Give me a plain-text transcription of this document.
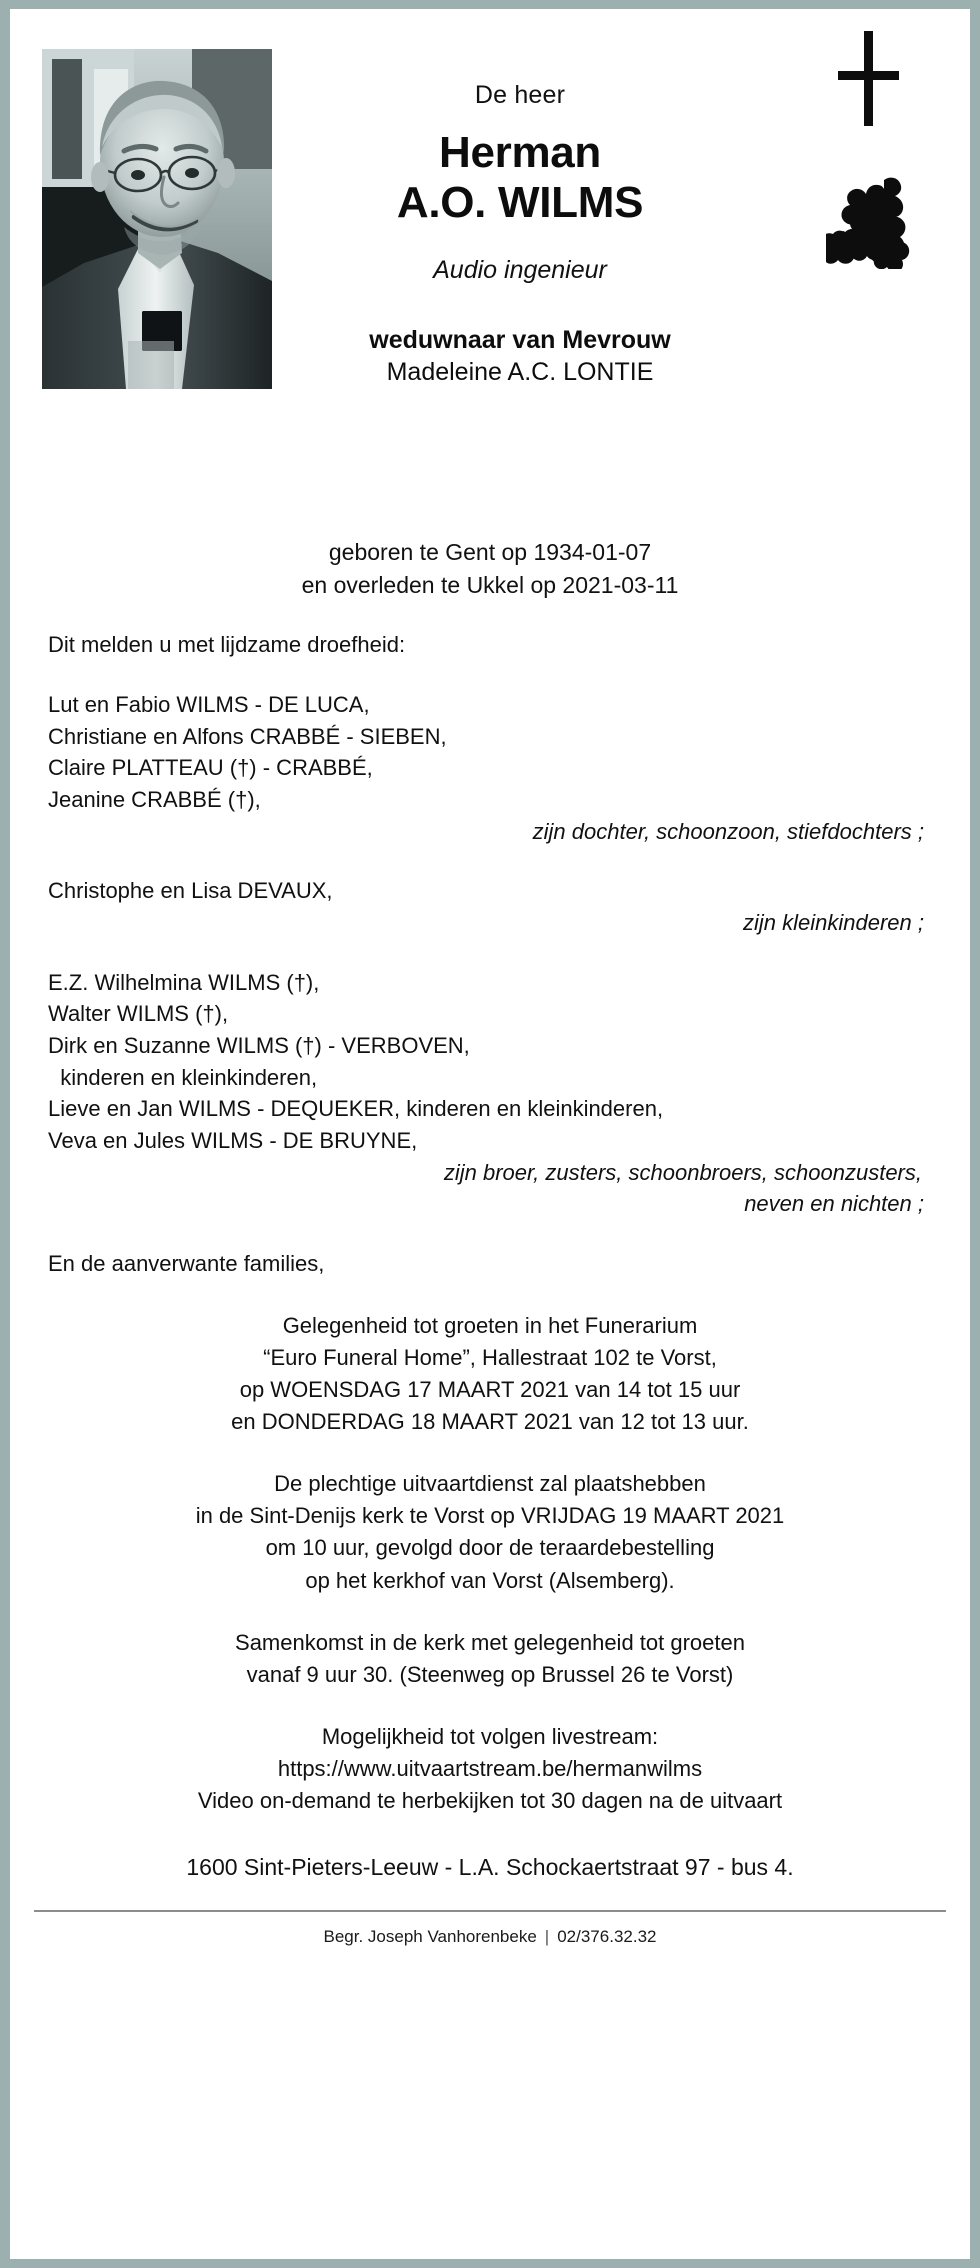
De heer
Herman
A.O. WILMS
Audio ingenieur
weduwnaar van Mevrouw
Madeleine A.C. LONTIE
geboren te Gent op 1934-01-07
en overleden te Ukkel op 2021-03-11
Dit melden u met lijdzame droefheid:
Lut en Fabio WILMS - DE LUCA,
Christiane en Alfons CRABBÉ - SIEBEN,
Claire PLATTEAU (†) - CRABBÉ,
Jeanine CRABBÉ (†),
zijn dochter, schoonzoon, stiefdochters ;
Christophe en Lisa DEVAUX,
zijn kleinkinderen ;
E.Z. Wilhelmina WILMS (†),
Walter WILMS (†),
Dirk en Suzanne WILMS (†) - VERBOVEN,
kinderen en kleinkinderen,
Lieve en Jan WILMS - DEQUEKER, kinderen en kleinkinderen,
Veva en Jules WILMS - DE BRUYNE,
zijn broer, zusters, schoonbroers, schoonzusters,
neven en nichten ;
En de aanverwante families,
Gelegenheid tot groeten in het Funerarium
“Euro Funeral Home”, Hallestraat 102 te Vorst,
op WOENSDAG 17 MAART 2021 van 14 tot 15 uur
en DONDERDAG 18 MAART 2021 van 12 tot 13 uur.
De plechtige uitvaartdienst zal plaatshebben
in de Sint-Denijs kerk te Vorst op VRIJDAG 19 MAART 2021
om 10 uur, gevolgd door de teraardebestelling
op het kerkhof van Vorst (Alsemberg).
Samenkomst in de kerk met gelegenheid tot groeten
vanaf 9 uur 30. (Steenweg op Brussel 26 te Vorst)
Mogelijkheid tot volgen livestream:
https://www.uitvaartstream.be/hermanwilms
Video on-demand te herbekijken tot 30 dagen na de uitvaart
1600 Sint-Pieters-Leeuw - L.A. Schockaertstraat 97 - bus 4.
Begr. Joseph Vanhorenbeke | 02/376.32.32
